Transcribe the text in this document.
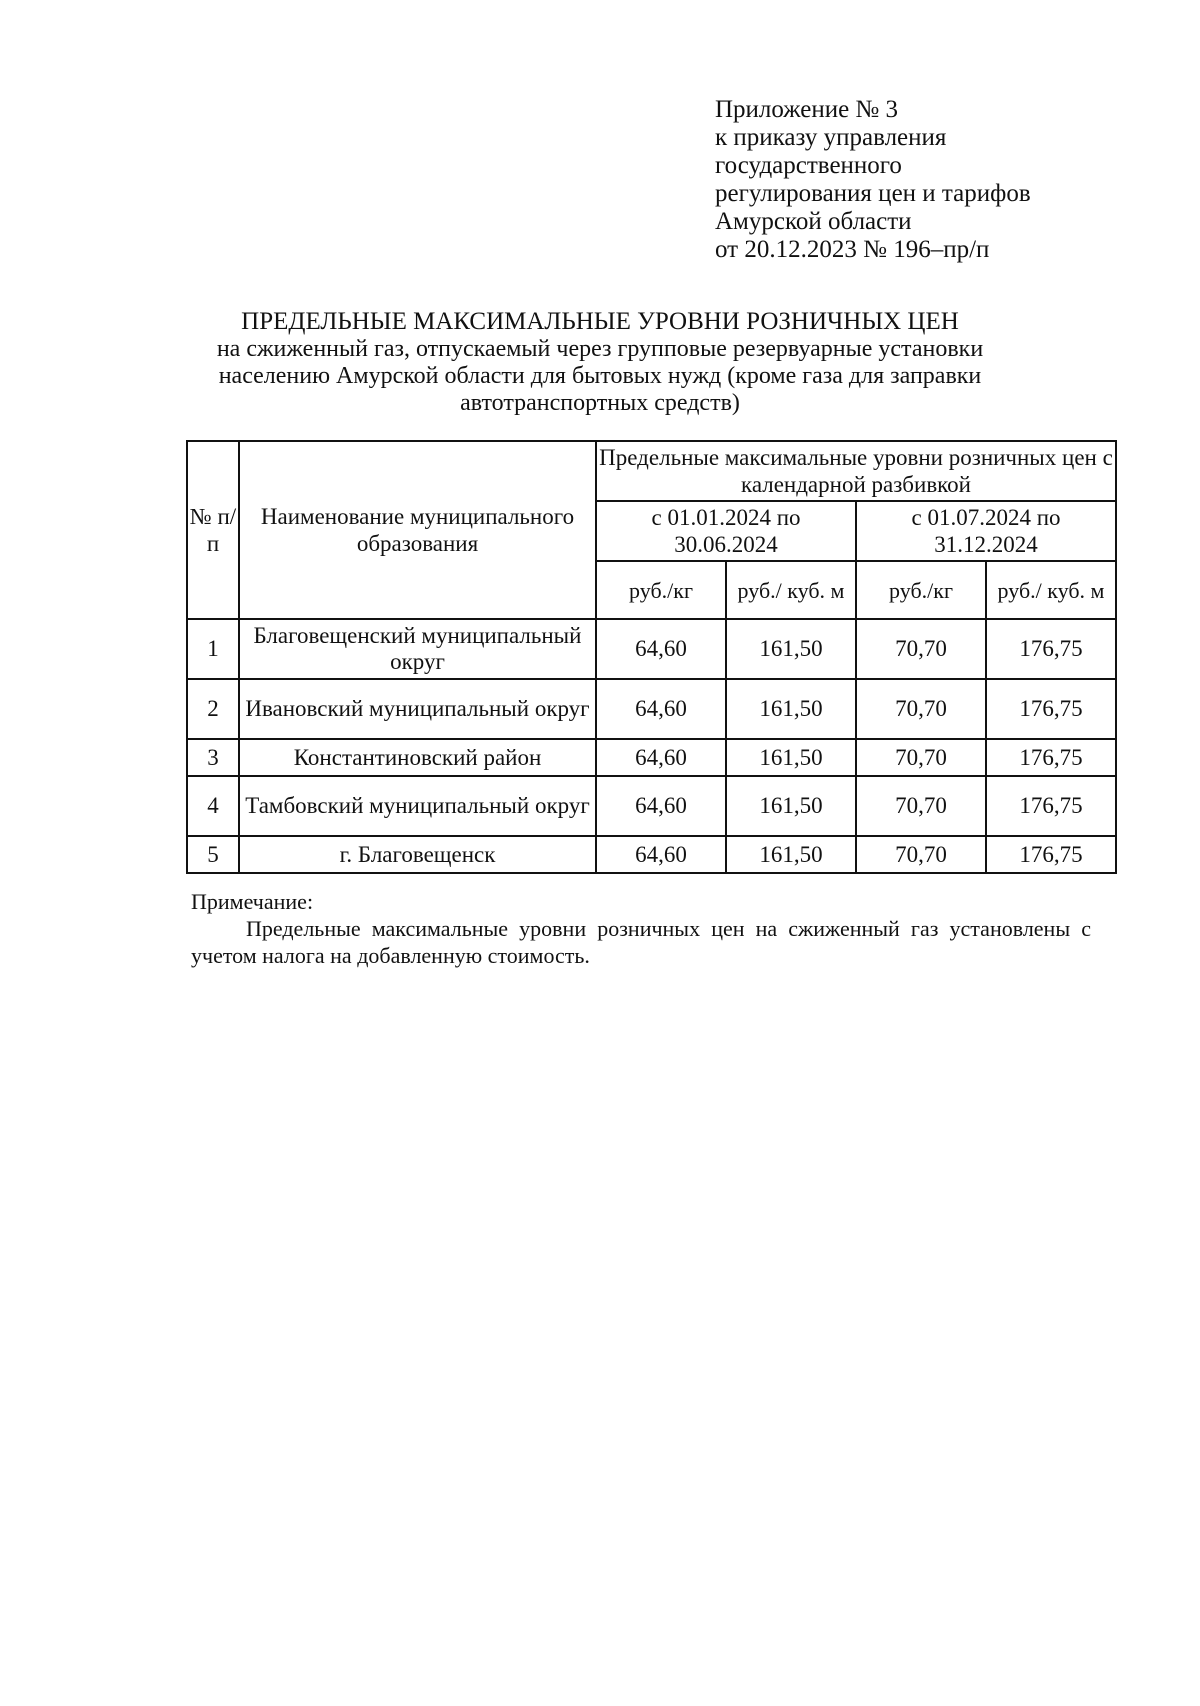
Приложение № 3
к приказу управления
государственного
регулирования цен и тарифов
Амурской области
от 20.12.2023 № 196–пр/п
ПРЕДЕЛЬНЫЕ МАКСИМАЛЬНЫЕ УРОВНИ РОЗНИЧНЫХ ЦЕН
на сжиженный газ, отпускаемый через групповые резервуарные установки
населению Амурской области для бытовых нужд (кроме газа для заправки
автотранспортных средств)
№ п/п	Наименование муниципального образования	Предельные максимальные уровни розничных цен с календарной разбивкой			
		с 01.01.2024 по 30.06.2024		с 01.07.2024 по 31.12.2024	
		руб./кг	руб./ куб. м	руб./кг	руб./ куб. м
1	Благовещенский муниципальный округ	64,60	161,50	70,70	176,75
2	Ивановский муниципальный округ	64,60	161,50	70,70	176,75
3	Константиновский район	64,60	161,50	70,70	176,75
4	Тамбовский муниципальный округ	64,60	161,50	70,70	176,75
5	г. Благовещенск	64,60	161,50	70,70	176,75
Примечание:
Предельные максимальные уровни розничных цен на сжиженный газ установлены с учетом налога на добавленную стоимость.
